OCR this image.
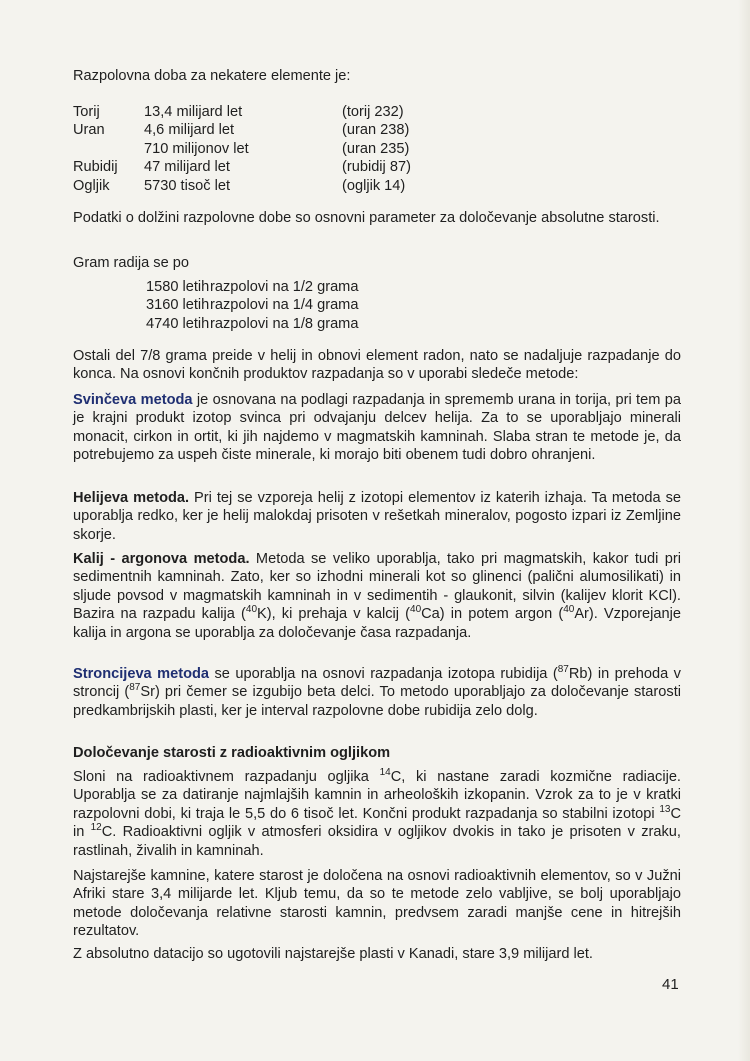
Razpolovna doba za nekatere elemente je:

Torij	13,4 milijard let	(torij 232)
Uran	4,6 milijard let	(uran 238)
	710 milijonov let	(uran 235)
Rubidij	47 milijard let	(rubidij 87)
Ogljik	5730 tisoč let	(ogljik 14)

Podatki o dolžini razpolovne dobe so osnovni parameter za določevanje absolutne starosti.

Gram radija se po

1580 letih	razpolovi na 1/2 grama
3160 letih	razpolovi na 1/4 grama
4740 letih	razpolovi na 1/8 grama

Ostali del 7/8 grama preide v helij in obnovi element radon, nato se nadaljuje razpadanje do konca. Na osnovi končnih produktov razpadanja so v uporabi sledeče metode:

Svinčeva metoda je osnovana na podlagi razpadanja in sprememb urana in torija, pri tem pa je krajni produkt izotop svinca pri odvajanju delcev helija. Za to se uporabljajo minerali monacit, cirkon in ortit, ki jih najdemo v magmatskih kamninah. Slaba stran te metode je, da potrebujemo za uspeh čiste minerale, ki morajo biti obenem tudi dobro ohranjeni.

Helijeva metoda. Pri tej se vzporeja helij z izotopi elementov iz katerih izhaja. Ta metoda se uporablja redko, ker je helij malokdaj prisoten v rešetkah mineralov, pogosto izpari iz Zemljine skorje.

Kalij - argonova metoda. Metoda se veliko uporablja, tako pri magmatskih, kakor tudi pri sedimentnih kamninah. Zato, ker so izhodni minerali kot so glinenci (palični alumosilikati) in sljude povsod v magmatskih kamninah in v sedimentih - glaukonit, silvin (kalijev klorit KCl). Bazira na razpadu kalija ($^{40}$K), ki prehaja v kalcij ($^{40}$Ca) in potem argon ($^{40}$Ar). Vzporejanje kalija in argona se uporablja za določevanje časa razpadanja.

Stroncijeva metoda se uporablja na osnovi razpadanja izotopa rubidija ($^{87}$Rb) in prehoda v stroncij ($^{87}$Sr) pri čemer se izgubijo beta delci. To metodo uporabljajo za določevanje starosti predkambrijskih plasti, ker je interval razpolovne dobe rubidija zelo dolg.

Določevanje starosti z radioaktivnim ogljikom

Sloni na radioaktivnem razpadanju ogljika $^{14}$C, ki nastane zaradi kozmične radiacije. Uporablja se za datiranje najmlajših kamnin in arheoloških izkopanin. Vzrok za to je v kratki razpolovni dobi, ki traja le 5,5 do 6 tisoč let. Končni produkt razpadanja so stabilni izotopi $^{13}$C in $^{12}$C. Radioaktivni ogljik v atmosferi oksidira v ogljikov dvokis in tako je prisoten v zraku, rastlinah, živalih in kamninah.

Najstarejše kamnine, katere starost je določena na osnovi radioaktivnih elementov, so v Južni Afriki stare 3,4 milijarde let. Kljub temu, da so te metode zelo vabljive, se bolj uporabljajo metode določevanja relativne starosti kamnin, predvsem zaradi manjše cene in hitrejših rezultatov.

Z absolutno datacijo so ugotovili najstarejše plasti v Kanadi, stare 3,9 milijard let.

41
